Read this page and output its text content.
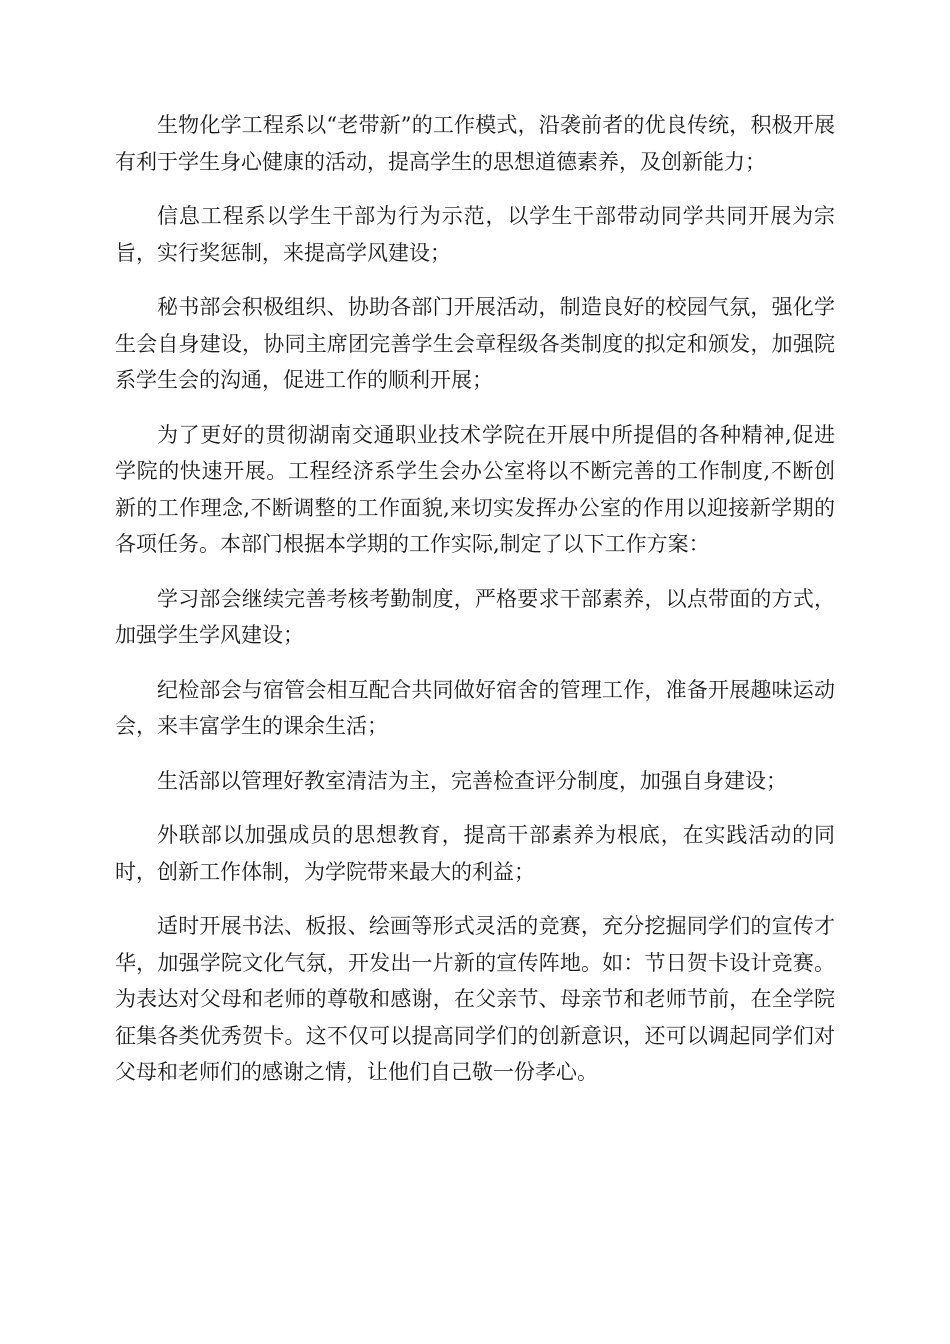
生物化学工程系以“老带新”的工作模式，沿袭前者的优良传统，积极开展有利于学生身心健康的活动，提高学生的思想道德素养，及创新能力；

信息工程系以学生干部为行为示范，以学生干部带动同学共同开展为宗旨，实行奖惩制，来提高学风建设；

秘书部会积极组织、协助各部门开展活动，制造良好的校园气氛，强化学生会自身建设，协同主席团完善学生会章程级各类制度的拟定和颁发，加强院系学生会的沟通，促进工作的顺利开展；

为了更好的贯彻湖南交通职业技术学院在开展中所提倡的各种精神,促进学院的快速开展。工程经济系学生会办公室将以不断完善的工作制度,不断创新的工作理念,不断调整的工作面貌,来切实发挥办公室的作用以迎接新学期的各项任务。本部门根据本学期的工作实际,制定了以下工作方案：

学习部会继续完善考核考勤制度，严格要求干部素养，以点带面的方式，加强学生学风建设；

纪检部会与宿管会相互配合共同做好宿舍的管理工作，准备开展趣味运动会，来丰富学生的课余生活；

生活部以管理好教室清洁为主，完善检查评分制度，加强自身建设；

外联部以加强成员的思想教育，提高干部素养为根底，在实践活动的同时，创新工作体制，为学院带来最大的利益；

适时开展书法、板报、绘画等形式灵活的竞赛，充分挖掘同学们的宣传才华，加强学院文化气氛，开发出一片新的宣传阵地。如：节日贺卡设计竞赛。为表达对父母和老师的尊敬和感谢，在父亲节、母亲节和老师节前，在全学院征集各类优秀贺卡。这不仅可以提高同学们的创新意识，还可以调起同学们对父母和老师们的感谢之情，让他们自己敬一份孝心。
